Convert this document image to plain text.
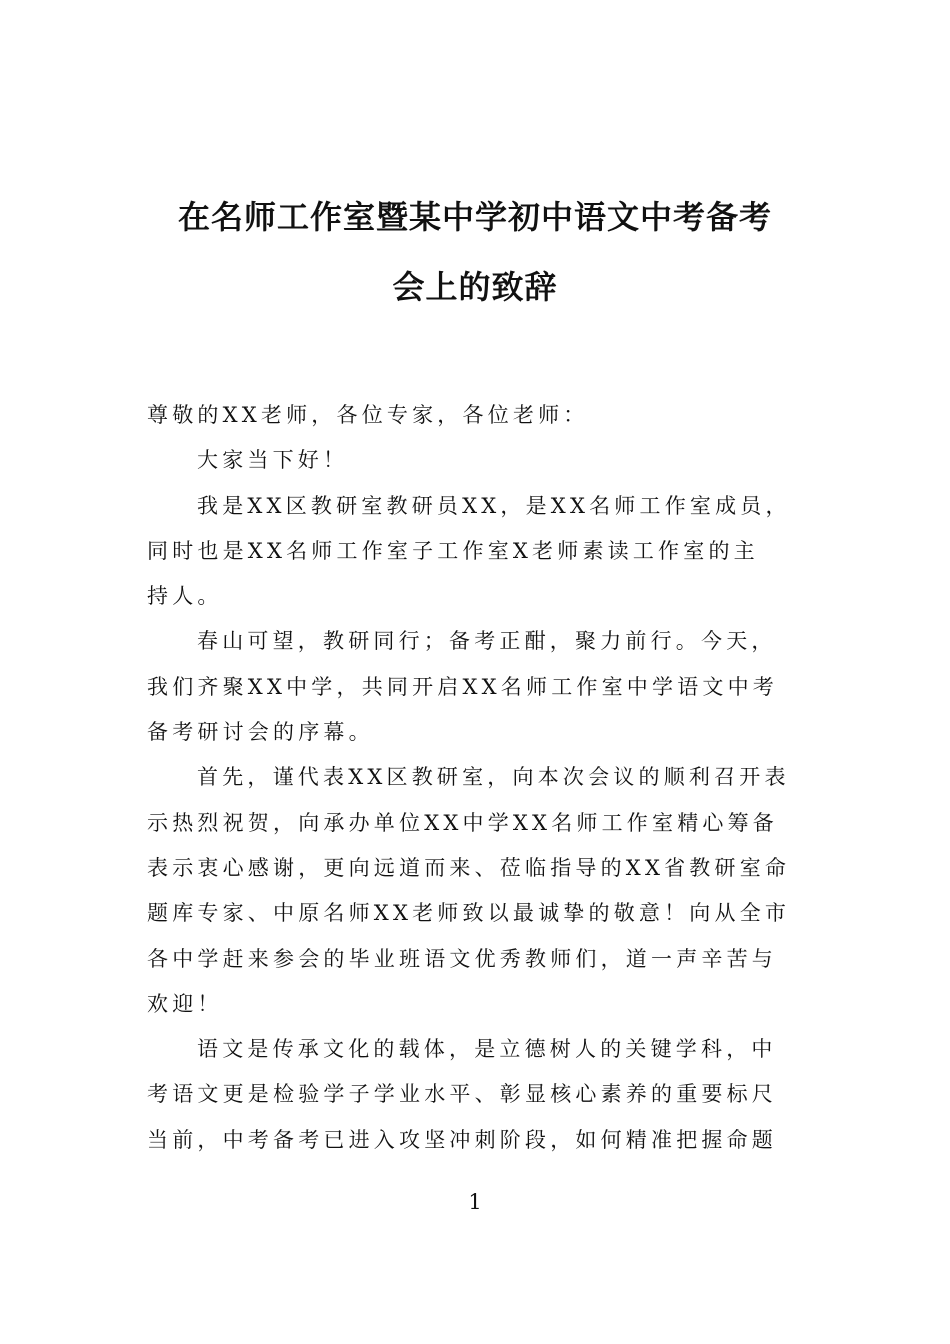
在名师工作室暨某中学初中语文中考备考
会上的致辞
尊敬的XX老师，各位专家，各位老师：
大家当下好！
我是XX区教研室教研员XX，是XX名师工作室成员，
同时也是XX名师工作室子工作室X老师素读工作室的主
持人。
春山可望，教研同行；备考正酣，聚力前行。今天，
我们齐聚XX中学，共同开启XX名师工作室中学语文中考
备考研讨会的序幕。
首先，谨代表XX区教研室，向本次会议的顺利召开表
示热烈祝贺，向承办单位XX中学XX名师工作室精心筹备
表示衷心感谢，更向远道而来、莅临指导的XX省教研室命
题库专家、中原名师XX老师致以最诚挚的敬意！向从全市
各中学赶来参会的毕业班语文优秀教师们，道一声辛苦与
欢迎！
语文是传承文化的载体，是立德树人的关键学科，中
考语文更是检验学子学业水平、彰显核心素养的重要标尺
当前，中考备考已进入攻坚冲刺阶段，如何精准把握命题
1
